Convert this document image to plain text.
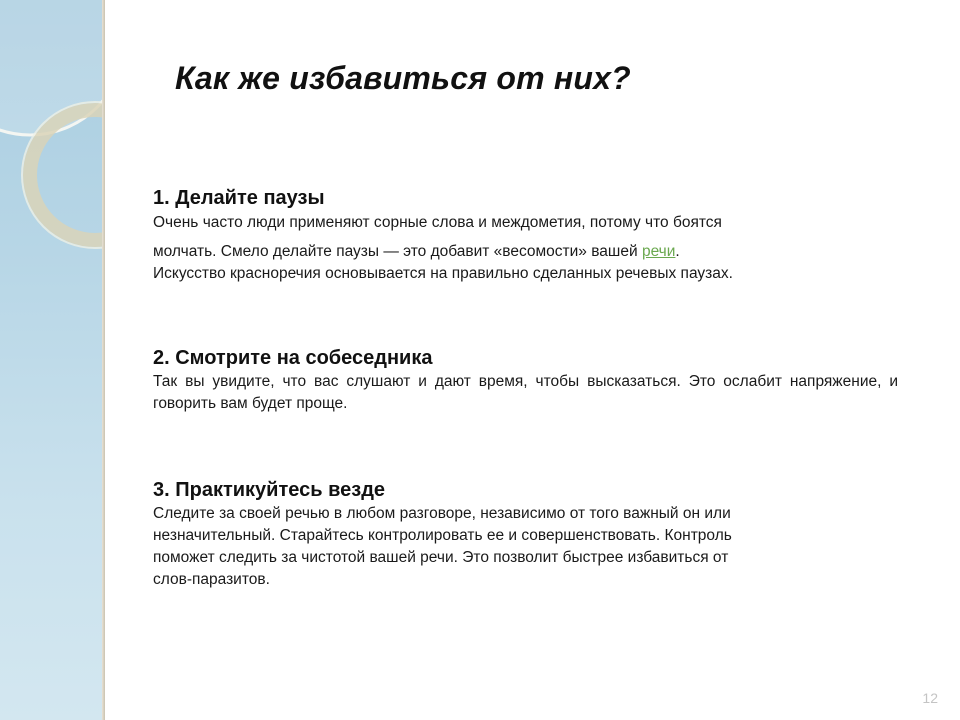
Как же избавиться от них?
1. Делайте паузы

Очень часто люди применяют сорные слова и междометия, потому что боятся

молчать. Смело делайте паузы — это добавит «весомости» вашей речи.

Искусство красноречия основывается на правильно сделанных речевых паузах.

2. Смотрите на собеседника

Так вы увидите, что вас слушают и дают время, чтобы высказаться. Это ослабит напряжение, и говорить вам будет проще.

3. Практикуйтесь везде

Следите за своей речью в любом разговоре, независимо от того важный он или

незначительный. Старайтесь контролировать ее и совершенствовать. Контроль

поможет следить за чистотой вашей речи. Это позволит быстрее избавиться от

слов-паразитов.

12
